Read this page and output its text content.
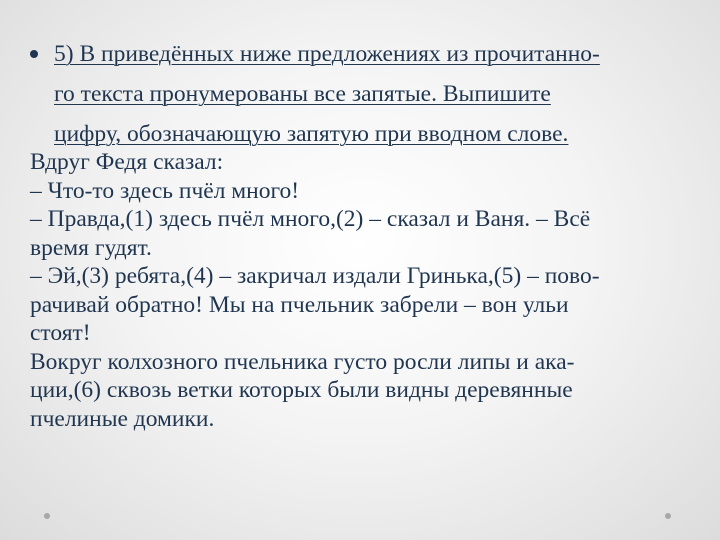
5) В приведённых ниже предложениях из прочитанно-
го текста пронумерованы все запятые. Выпишите
цифру, обозначающую запятую при вводном слове.
Вдруг Федя сказал:
– Что-то здесь пчёл много!
– Правда,(1) здесь пчёл много,(2) – сказал и Ваня. – Всё
время гудят.
– Эй,(3) ребята,(4) – закричал издали Гринька,(5) – пово-
рачивай обратно! Мы на пчельник забрели – вон ульи
стоят!
Вокруг колхозного пчельника густо росли липы и ака-
ции,(6) сквозь ветки которых были видны деревянные
пчелиные домики.
